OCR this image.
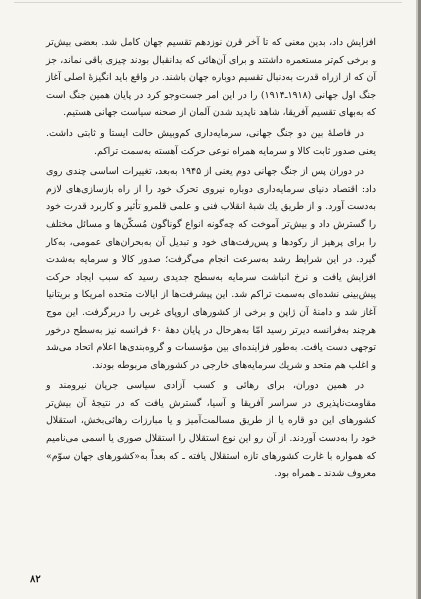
افزایش داد، بدین معنی که تا آخر قرن نوزدهم تقسیم جهان کامل شد. بعضی بیش‌تر و برخی کم‌تر مستعمره داشتند و برای آن‌هائی که بدانقبال بودند چیزی باقی نماند، جز آن که از ازراه قدرت به‌دنبال تقسیم دوباره جهان باشند. در واقع باید انگیزهٔ اصلی آغاز جنگ اول جهانی (۱۹۱۸ـ۱۹۱۴) را در این امر جست‌وجو کرد در پایان همین جنگ است که به‌بهای تقسیم آفریقا، شاهد ناپدید شدن آلمان از صحنه سیاست جهانی هستیم.

در فاصلهٔ بین دو جنگ جهانی، سرمایه‌داری کم‌وبیش حالت ایستا و ثابتی داشت. یعنی صدور ثابت کالا و سرمایه همراه نوعی حرکت آهسته به‌سمت تراکم.

در دوران پس از جنگ جهانی دوم یعنی از ۱۹۴۵ به‌بعد، تغییرات اساسی چندی روی داد: اقتصاد دنیای سرمایه‌داری دوباره نیروی تحرک خود را از راه بازسازی‌های لازم به‌دست آورد. و از طریق یك شبهٔ انقلاب فنی و علمی قلمرو تأثیر و کاربرد قدرت خود را گسترش داد و بیش‌تر آموخت که چه‌گونه انواع گوناگون مُسکّن‌ها و مسائل مختلف را برای پرهیز از رکودها و پس‌رفت‌های خود و تبدیل آن به‌بحران‌های عمومی، به‌کار گیرد. در این شرایط رشد به‌سرعت انجام می‌گرفت؛ صدور کالا و سرمایه به‌شدت افزایش یافت و نرخ انباشت سرمایه به‌سطح جدیدی رسید که سبب ایجاد حرکت پیش‌بینی نشده‌ای به‌سمت تراکم شد. این پیشرفت‌ها از ایالات متحده امریکا و بریتانیا آغاز شد و دامنهٔ آن ژاپن و برخی از کشورهای اروپای غربی را دربرگرفت. این موج هرچند به‌فرانسه دیرتر رسید امّا به‌هرحال در پایان دههٔ ۶۰ فرانسه نیز به‌سطح درخور توجهی دست یافت. به‌طور فزاینده‌ای بین مؤسسات و گروه‌بندی‌ها اعلام اتحاد می‌شد و اغلب هم متحد و شریك سرمایه‌های خارجی در کشورهای مربوطه بودند.

در همین دوران، برای رهائی و کسب آزادی سیاسی جریان نیرومند و مقاومت‌ناپذیری در سراسر آفریقا و آسیا، گسترش یافت که در نتیجهٔ آن بیش‌تر کشورهای این دو قاره یا از طریق مسالمت‌آمیز و یا مبارزات رهائی‌بخش، استقلال خود را به‌دست آوردند. از آن رو این نوع استقلال را استقلال صوری یا اسمی می‌نامیم که همواره با غارت کشورهای تازه استقلال یافته ـ که بعداً به‌«کشورهای جهان سوّم» معروف شدند ـ همراه بود.

۸۲
